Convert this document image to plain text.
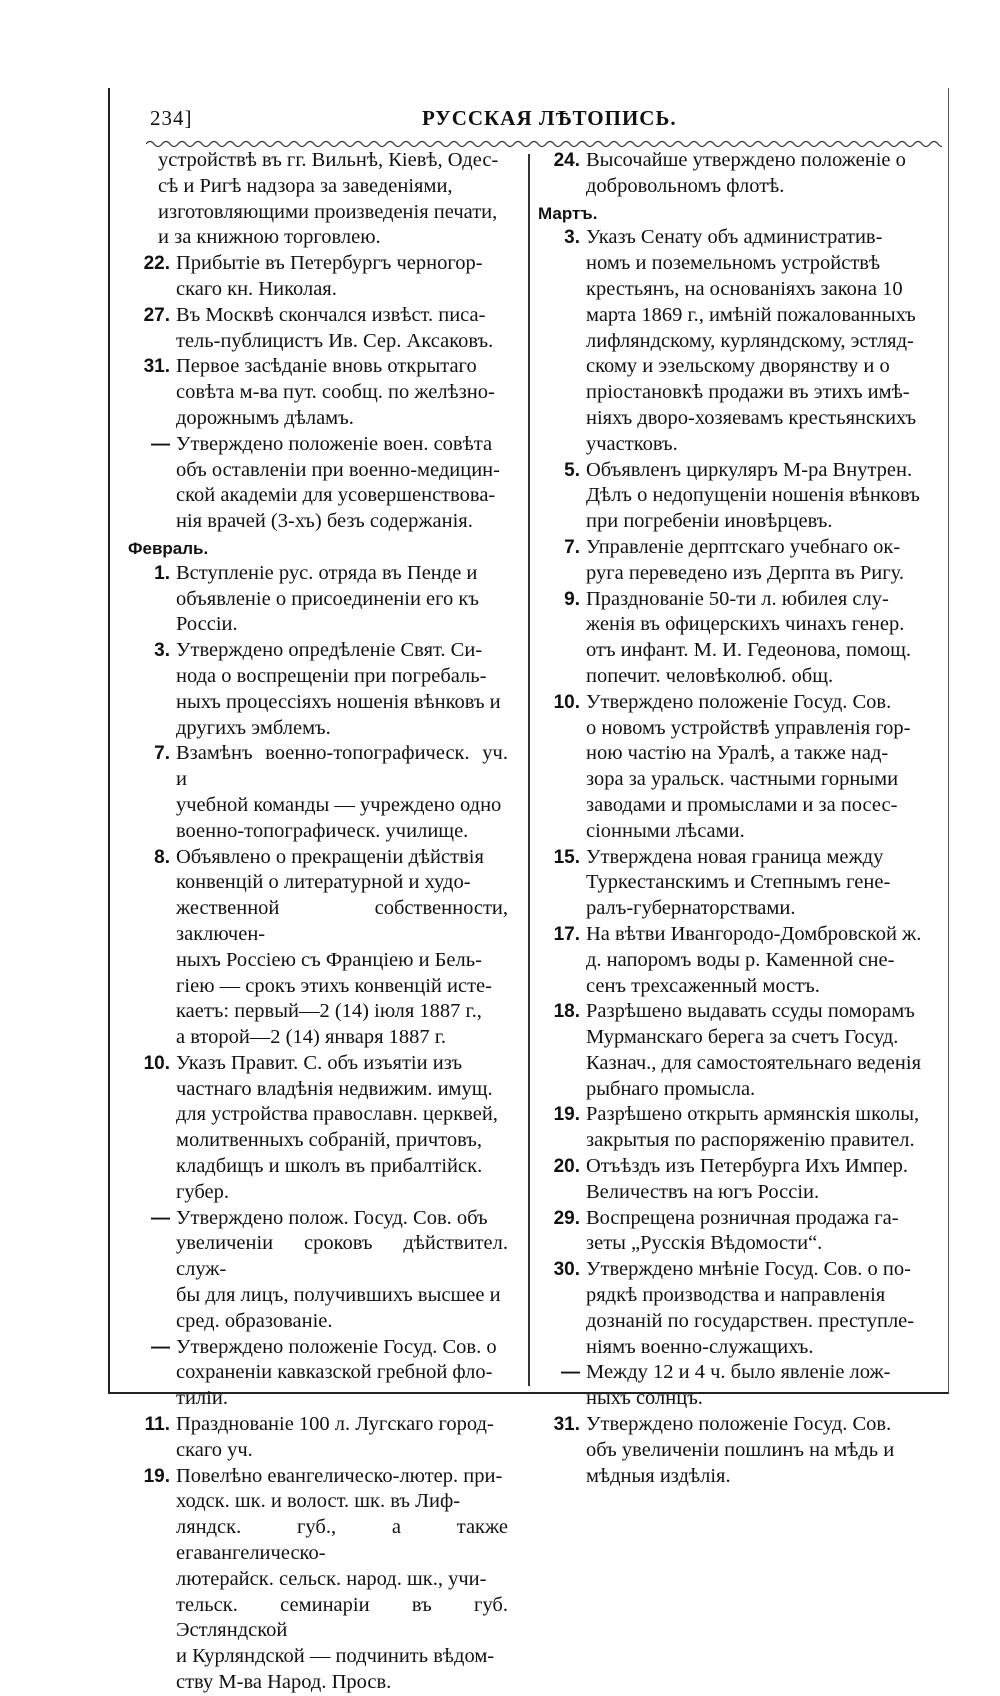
234]	РУССКАЯ ЛѢТОПИСЬ.
устройствѣ въ гг. Вильнѣ, Кіевѣ, Одес-
сѣ и Ригѣ надзора за заведеніями,
изготовляющими произведенія печати,
и за книжною торговлею.
22. Прибытіе въ Петербургъ черногор-
скаго кн. Николая.
27. Въ Москвѣ скончался извѣст. писа-
тель-публицистъ Ив. Сер. Аксаковъ.
31. Первое засѣданіе вновь открытаго
совѣта м-ва пут. сообщ. по желѣзно-
дорожнымъ дѣламъ.
— Утверждено положеніе воен. совѣта
объ оставленіи при военно-медицин-
ской академіи для усовершенствова-
нія врачей (3-хъ) безъ содержанія.
Февраль.
1. Вступленіе рус. отряда въ Пенде и
объявленіе о присоединеніи его къ
Россіи.
3. Утверждено опредѣленіе Свят. Си-
нода о воспрещеніи при погребаль-
ныхъ процессіяхъ ношенія вѣнковъ и
другихъ эмблемъ.
7. Взамѣнъ военно-топографическ. уч. и
учебной команды — учреждено одно
военно-топографическ. училище.
8. Объявлено о прекращеніи дѣйствія
конвенцій о литературной и худо-
жественной собственности, заключен-
ныхъ Россіею съ Франціею и Бель-
гіею — срокъ этихъ конвенцій исте-
каетъ: первый—2 (14) іюля 1887 г.,
а второй—2 (14) января 1887 г.
10. Указъ Правит. С. объ изъятіи изъ
частнаго владѣнія недвижим. имущ.
для устройства православн. церквей,
молитвенныхъ собраній, причтовъ,
кладбищъ и школъ въ прибалтійск.
губер.
— Утверждено полож. Госуд. Сов. объ
увеличеніи сроковъ дѣйствител. служ-
бы для лицъ, получившихъ высшее и
сред. образованіе.
— Утверждено положеніе Госуд. Сов. о
сохраненіи кавказской гребной фло-
тиліи.
11. Празднованіе 100 л. Лугскаго город-
скаго уч.
19. Повелѣно евангелическо-лютер. при-
ходск. шк. и волост. шк. въ Лиф-
ляндск. губ., а также егавангелическо-
лютерайск. сельск. народ. шк., учи-
тельск. семинаріи въ губ. Эстляндской
и Курляндской — подчинить вѣдом-
ству М-ва Народ. Просв.
24. Высочайше утверждено положеніе о
добровольномъ флотѣ.
Мартъ.
3. Указъ Сенату объ административ-
номъ и поземельномъ устройствѣ
крестьянъ, на основаніяхъ закона 10
марта 1869 г., имѣній пожалованныхъ
лифляндскому, курляндскому, эстляд-
скому и эзельскому дворянству и о
пріостановкѣ продажи въ этихъ имѣ-
ніяхъ дворо-хозяевамъ крестьянскихъ
участковъ.
5. Объявленъ циркуляръ М-ра Внутрен.
Дѣлъ о недопущеніи ношенія вѣнковъ
при погребеніи иновѣрцевъ.
7. Управленіе дерптскаго учебнаго ок-
руга переведено изъ Дерпта въ Ригу.
9. Празднованіе 50-ти л. юбилея слу-
женія въ офицерскихъ чинахъ генер.
отъ инфант. М. И. Гедеонова, помощ.
попечит. человѣколюб. общ.
10. Утверждено положеніе Госуд. Сов.
о новомъ устройствѣ управленія гор-
ною частію на Уралѣ, а также над-
зора за уральск. частными горными
заводами и промыслами и за посес-
сіонными лѣсами.
15. Утверждена новая граница между
Туркестанскимъ и Степнымъ гене-
ралъ-губернаторствами.
17. На вѣтви Ивангородо-Домбровской ж.
д. напоромъ воды р. Каменной сне-
сенъ трехсаженный мостъ.
18. Разрѣшено выдавать ссуды поморамъ
Мурманскаго берега за счетъ Госуд.
Казнач., для самостоятельнаго веденія
рыбнаго промысла.
19. Разрѣшено открыть армянскія школы,
закрытыя по распоряженію правител.
20. Отъѣздъ изъ Петербурга Ихъ Импер.
Величествъ на югъ Россіи.
29. Воспрещена розничная продажа га-
зеты „Русскія Вѣдомости“.
30. Утверждено мнѣніе Госуд. Сов. о по-
рядкѣ производства и направленія
дознаній по государствен. преступле-
ніямъ военно-служащихъ.
— Между 12 и 4 ч. было явленіе лож-
ныхъ солнцъ.
31. Утверждено положеніе Госуд. Сов.
объ увеличеніи пошлинъ на мѣдь и
мѣдныя издѣлія.
